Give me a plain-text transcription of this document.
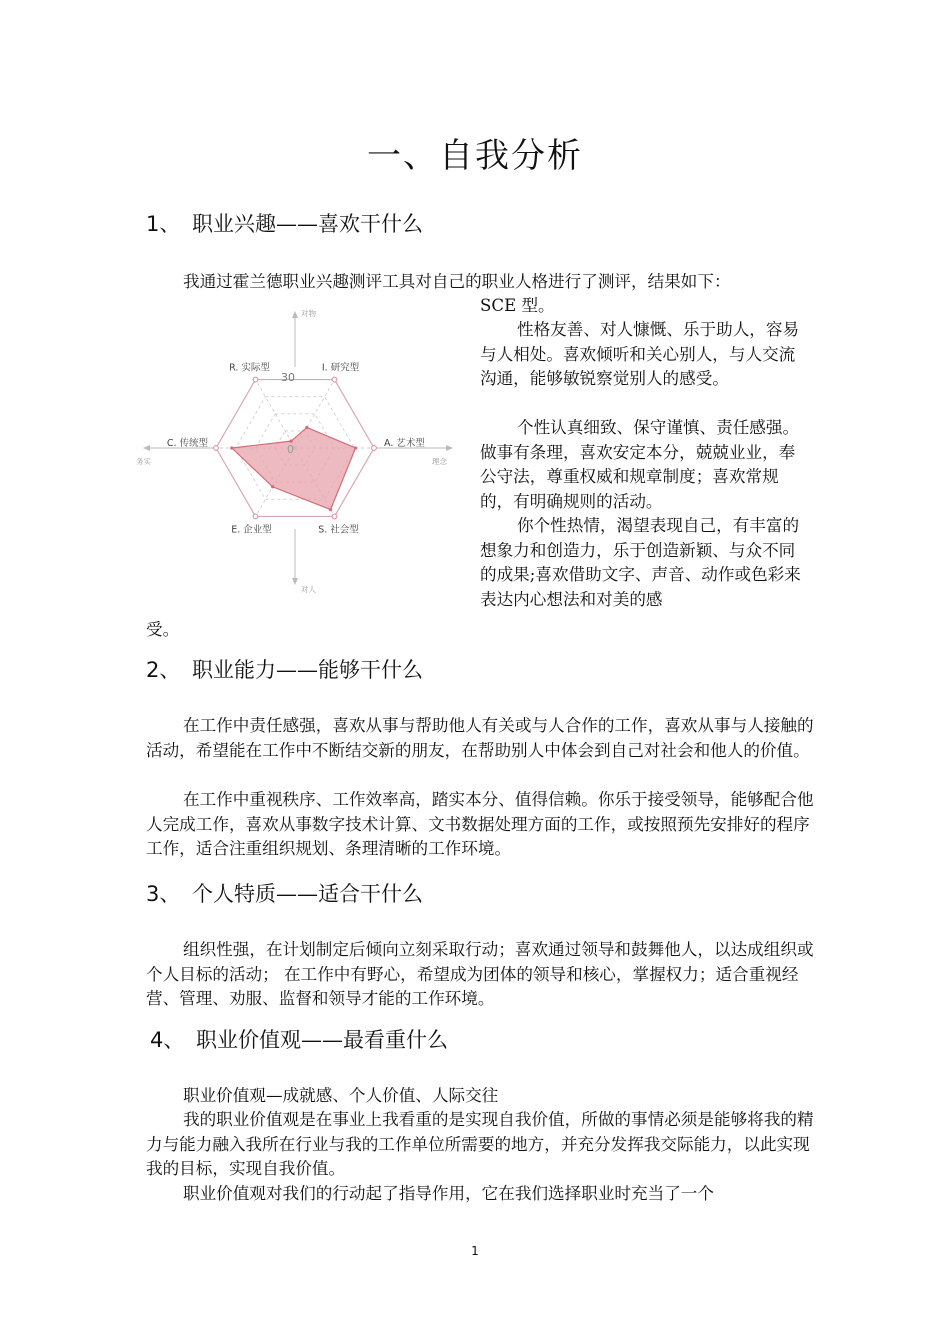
一、自我分析
1、 职业兴趣——喜欢干什么
我通过霍兰德职业兴趣测评工具对自己的职业人格进行了测评，结果如下：
SCE 型。

性格友善、对人慷慨、乐于助人，容易与人相处。喜欢倾听和关心别人，与人交流沟通，能够敏锐察觉别人的感受。

个性认真细致、保守谨慎、责任感强。做事有条理，喜欢安定本分，兢兢业业，奉公守法，尊重权威和规章制度；喜欢常规的，有明确规则的活动。

你个性热情，渴望表现自己，有丰富的想象力和创造力，乐于创造新颖、与众不同的成果;喜欢借助文字、声音、动作或色彩来表达内心想法和对美的感

受。
R. 实际型	I. 研究型
A. 艺术型
S. 社会型
E. 企业型
C. 传统型
对物
对人
务实	理念
30
0
2、 职业能力——能够干什么

在工作中责任感强，喜欢从事与帮助他人有关或与人合作的工作，喜欢从事与人接触的活动，希望能在工作中不断结交新的朋友，在帮助别人中体会到自己对社会和他人的价值。

在工作中重视秩序、工作效率高，踏实本分、值得信赖。你乐于接受领导，能够配合他人完成工作，喜欢从事数字技术计算、文书数据处理方面的工作，或按照预先安排好的程序工作，适合注重组织规划、条理清晰的工作环境。

3、 个人特质——适合干什么

组织性强，在计划制定后倾向立刻采取行动；喜欢通过领导和鼓舞他人，以达成组织或个人目标的活动； 在工作中有野心，希望成为团体的领导和核心，掌握权力；适合重视经营、管理、劝服、监督和领导才能的工作环境。

4、 职业价值观——最看重什么
职业价值观—成就感、个人价值、人际交往

我的职业价值观是在事业上我看重的是实现自我价值，所做的事情必须是能够将我的精力与能力融入我所在行业与我的工作单位所需要的地方，并充分发挥我交际能力，以此实现我的目标，实现自我价值。

职业价值观对我们的行动起了指导作用，它在我们选择职业时充当了一个

1
